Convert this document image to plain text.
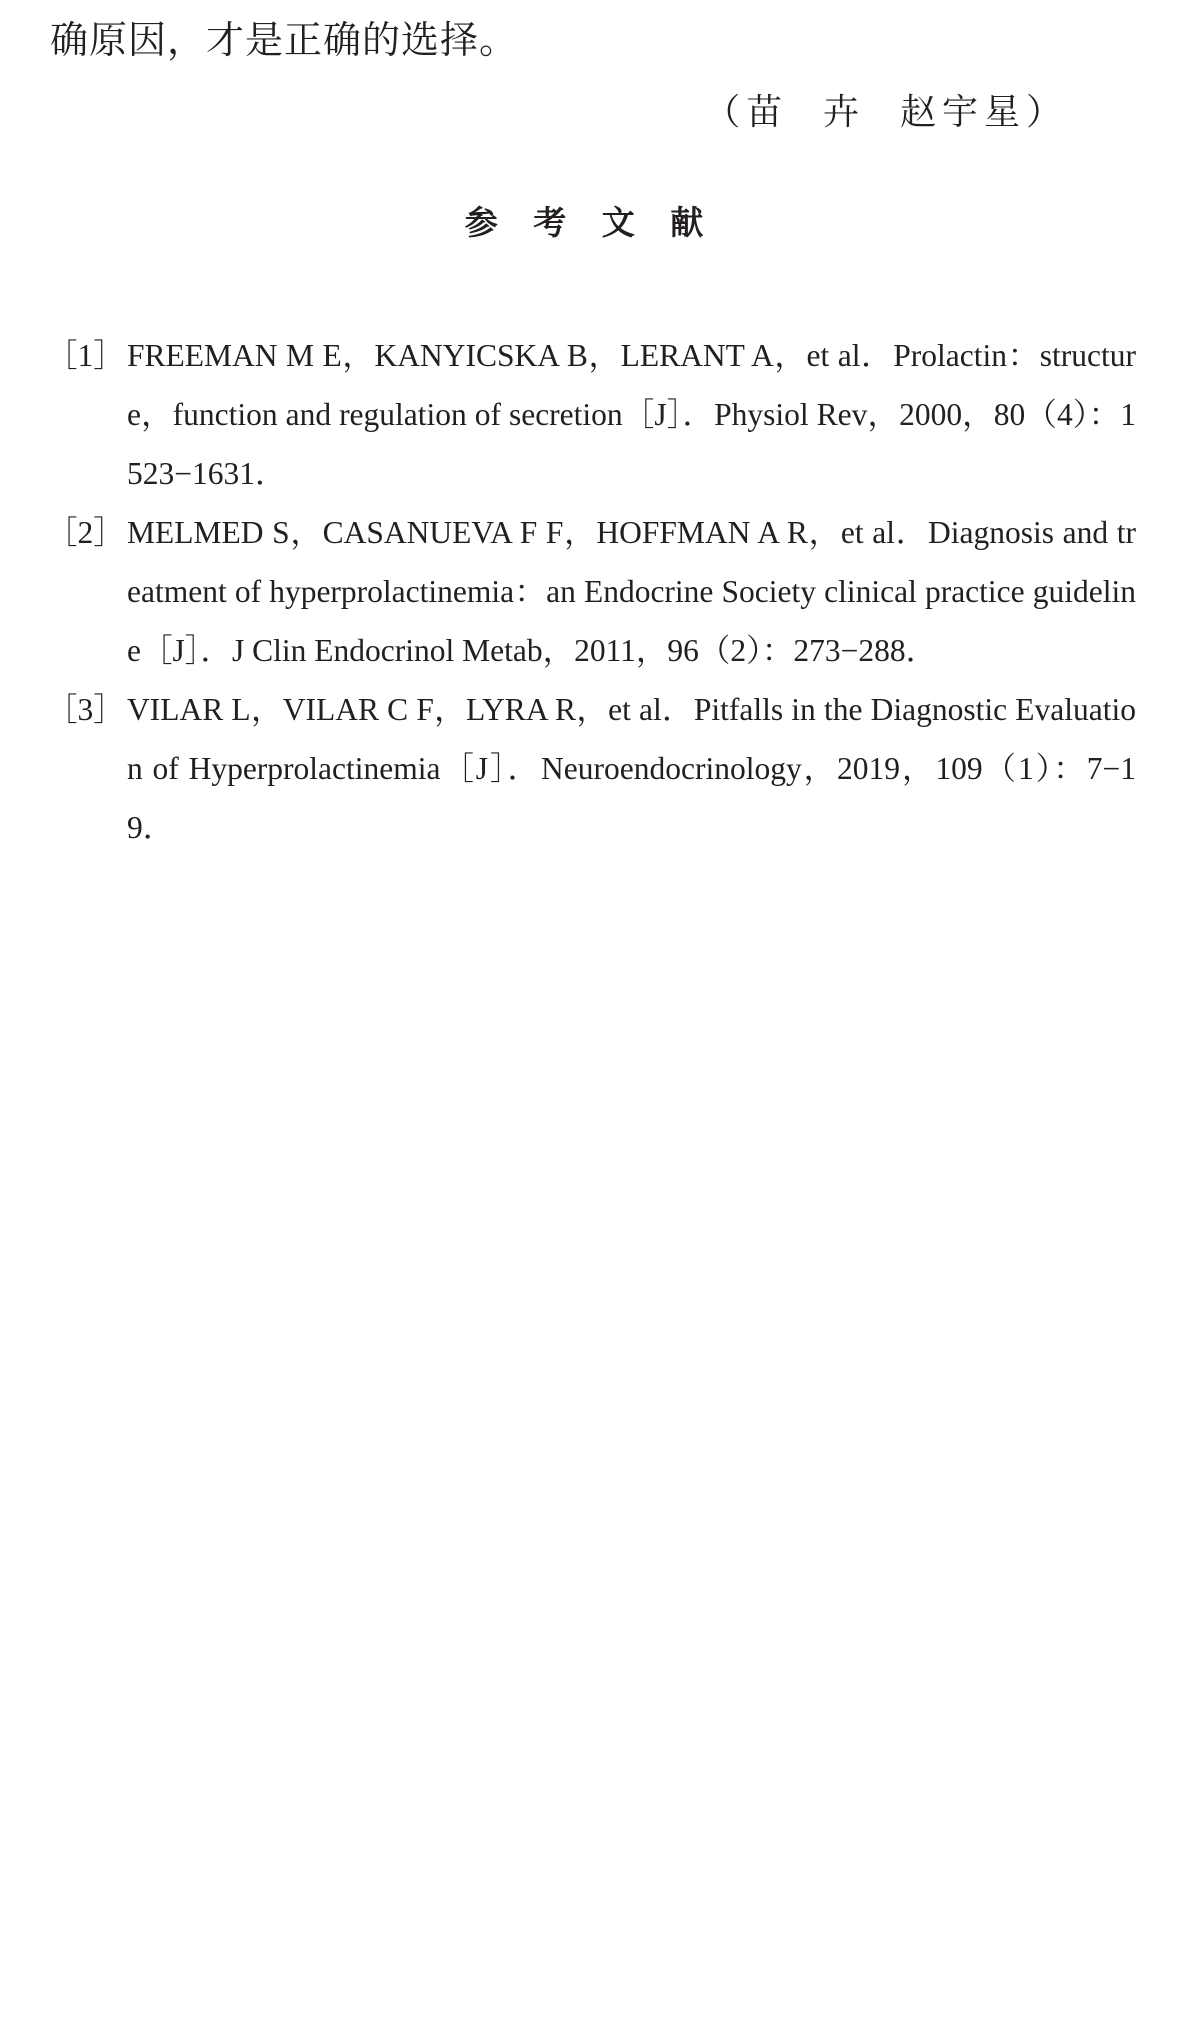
确原因，才是正确的选择。
（苗  卉  赵宇星）
参 考 文 献
［1］ FREEMAN M E，KANYICSKA B，LERANT A，et al．Prolactin：structure，function and regulation of secretion［J］．Physiol Rev，2000，80（4）：1523−1631．
［2］ MELMED S，CASANUEVA F F，HOFFMAN A R，et al．Diagnosis and treatment of hyperprolactinemia：an Endocrine Society clinical practice guideline［J］．J Clin Endocrinol Metab，2011，96（2）：273−288．
［3］ VILAR L，VILAR C F，LYRA R，et al．Pitfalls in the Diagnostic Evaluation of Hyperprolactinemia［J］．Neuroendocrinology，2019，109（1）：7−19．
